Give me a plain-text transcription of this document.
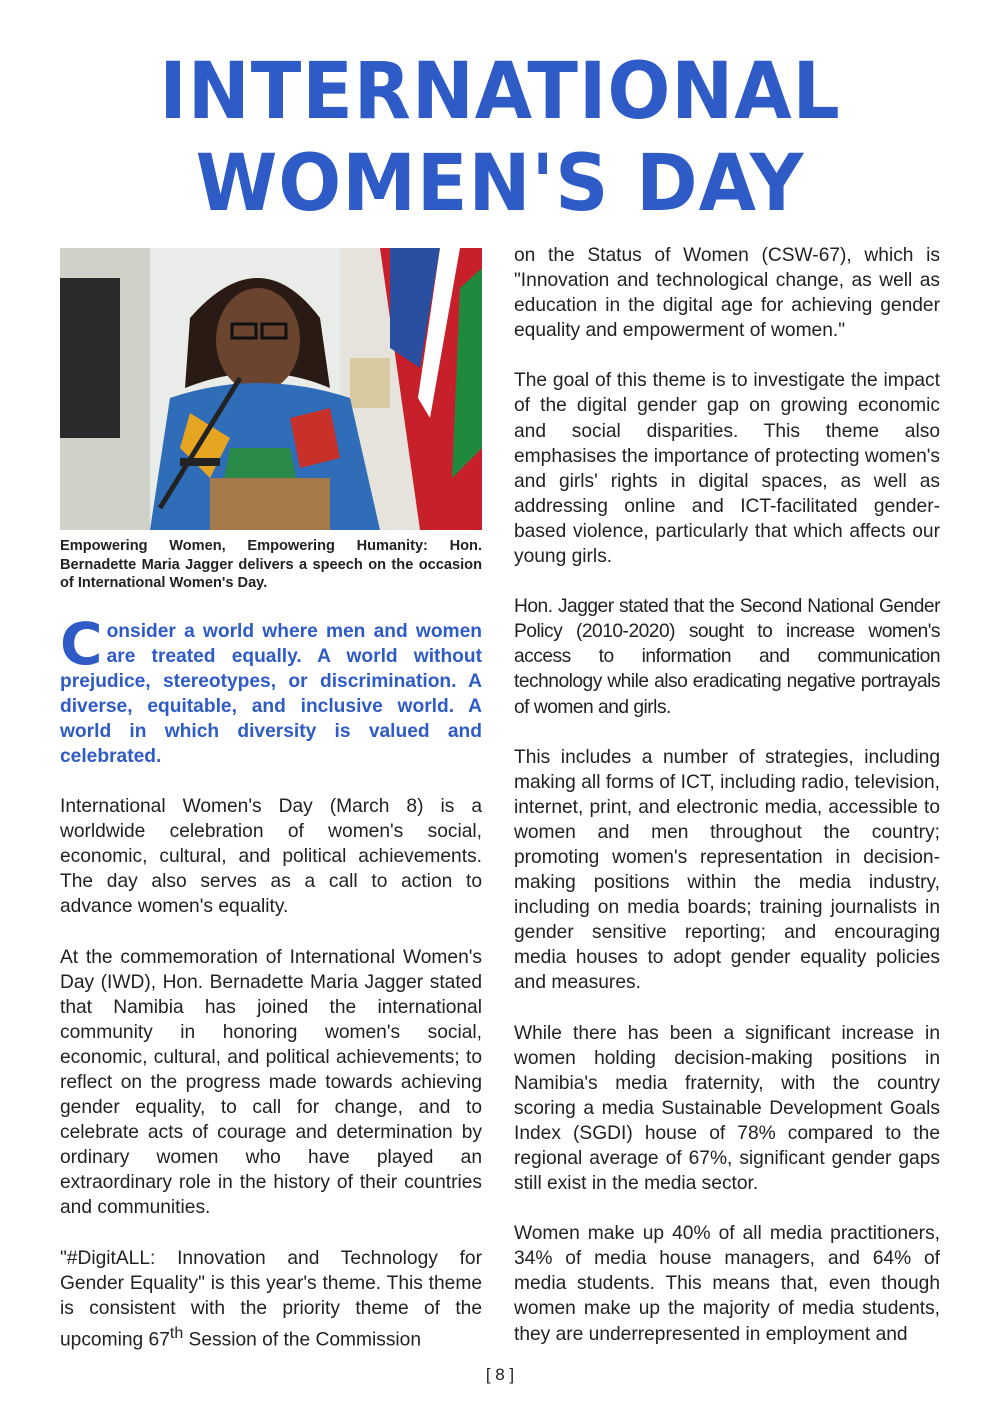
INTERNATIONAL
WOMEN'S DAY
Empowering Women, Empowering Humanity: Hon. Bernadette Maria Jagger delivers a speech on the occasion of International Women's Day.

Consider a world where men and women are treated equally. A world without prejudice, stereotypes, or discrimination. A diverse, equitable, and inclusive world. A world in which diversity is valued and celebrated.

International Women's Day (March 8) is a worldwide celebration of women's social, economic, cultural, and political achievements. The day also serves as a call to action to advance women's equality.

At the commemoration of International Women's Day (IWD), Hon. Bernadette Maria Jagger stated that Namibia has joined the international community in honoring women's social, economic, cultural, and political achievements; to reflect on the progress made towards achieving gender equality, to call for change, and to celebrate acts of courage and determination by ordinary women who have played an extraordinary role in the history of their countries and communities.

"#DigitALL: Innovation and Technology for Gender Equality" is this year's theme. This theme is consistent with the priority theme of the upcoming 67th Session of the Commission

on the Status of Women (CSW-67), which is "Innovation and technological change, as well as education in the digital age for achieving gender equality and empowerment of women."

The goal of this theme is to investigate the impact of the digital gender gap on growing economic and social disparities. This theme also emphasises the importance of protecting women's and girls' rights in digital spaces, as well as addressing online and ICT-facilitated gender-based violence, particularly that which affects our young girls.

Hon. Jagger stated that the Second National Gender Policy (2010-2020) sought to increase women's access to information and communication technology while also eradicating negative portrayals of women and girls.

This includes a number of strategies, including making all forms of ICT, including radio, television, internet, print, and electronic media, accessible to women and men throughout the country; promoting women's representation in decision-making positions within the media industry, including on media boards; training journalists in gender sensitive reporting; and encouraging media houses to adopt gender equality policies and measures.

While there has been a significant increase in women holding decision-making positions in Namibia's media fraternity, with the country scoring a media Sustainable Development Goals Index (SGDI) house of 78% compared to the regional average of 67%, significant gender gaps still exist in the media sector.

Women make up 40% of all media practitioners, 34% of media house managers, and 64% of media students. This means that, even though women make up the majority of media students, they are underrepresented in employment and

[ 8 ]
